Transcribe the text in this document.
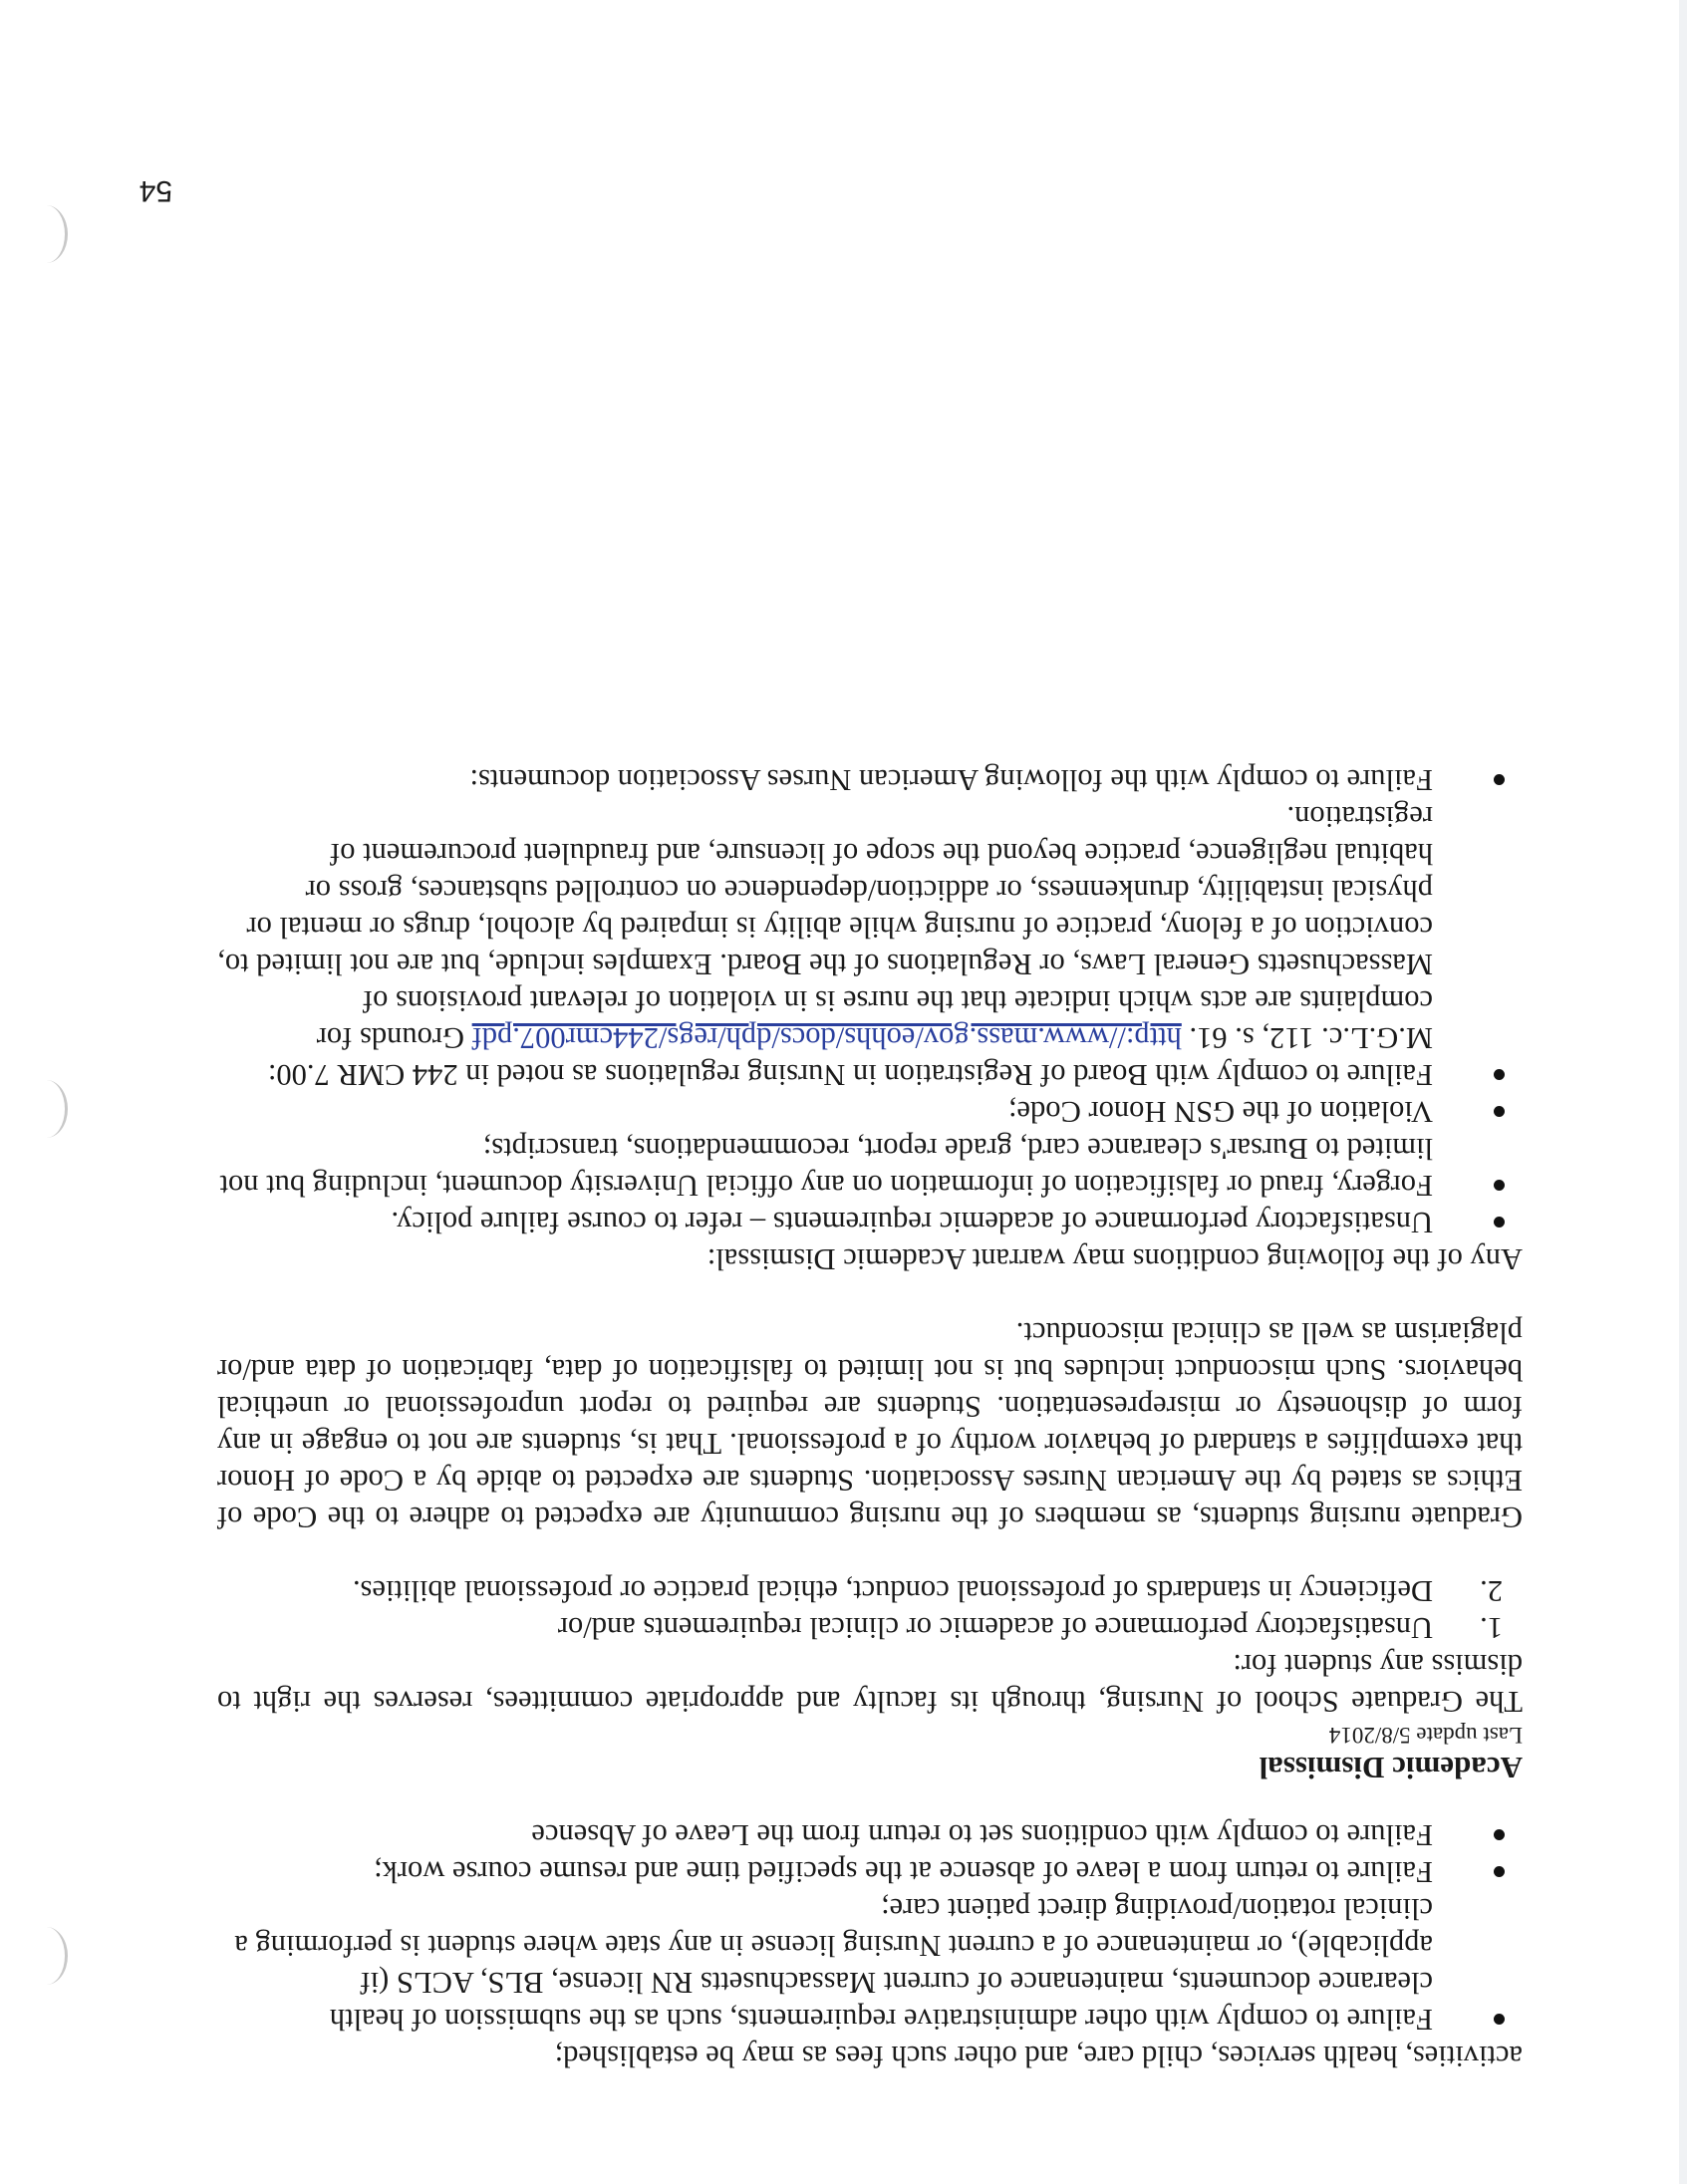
activities, health services, child care, and other such fees as may be established;

Failure to comply with other administrative requirements, such as the submission of health clearance documents, maintenance of current Massachusetts RN license, BLS, ACLS (if applicable), or maintenance of a current Nursing license in any state where student is performing a clinical rotation/providing direct patient care;
Failure to return from a leave of absence at the specified time and resume course work;
Failure to comply with conditions set to return from the Leave of Absence

Academic Dismissal

Last update 5/8/2014

The Graduate School of Nursing, through its faculty and appropriate committees, reserves the right to dismiss any student for:

1.
Unsatisfactory performance of academic or clinical requirements and/or
2.
Deficiency in standards of professional conduct, ethical practice or professional abilities.

Graduate nursing students, as members of the nursing community are expected to adhere to the Code of Ethics as stated by the American Nurses Association. Students are expected to abide by a Code of Honor that exemplifies a standard of behavior worthy of a professional. That is, students are not to engage in any form of dishonesty or misrepresentation. Students are required to report unprofessional or unethical behaviors. Such misconduct includes but is not limited to falsification of data, fabrication of data and/or plagiarism as well as clinical misconduct.

Any of the following conditions may warrant Academic Dismissal:

Unsatisfactory performance of academic requirements – refer to course failure policy.
Forgery, fraud or falsification of information on any official University document, including but not limited to Bursar's clearance card, grade report, recommendations, transcripts;
Violation of the GSN Honor Code;
Failure to comply with Board of Registration in Nursing regulations as noted in 244 CMR 7.00: M.G.L.c. 112, s. 61. http://www.mass.gov/eohhs/docs/dph/regs/244cmr007.pdf Grounds for complaints are acts which indicate that the nurse is in violation of relevant provisions of Massachusetts General Laws, or Regulations of the Board. Examples include, but are not limited to, conviction of a felony, practice of nursing while ability is impaired by alcohol, drugs or mental or physical instability, drunkenness, or addiction/dependence on controlled substances, gross or habitual negligence, practice beyond the scope of licensure, and fraudulent procurement of registration.
Failure to comply with the following American Nurses Association documents:
54
